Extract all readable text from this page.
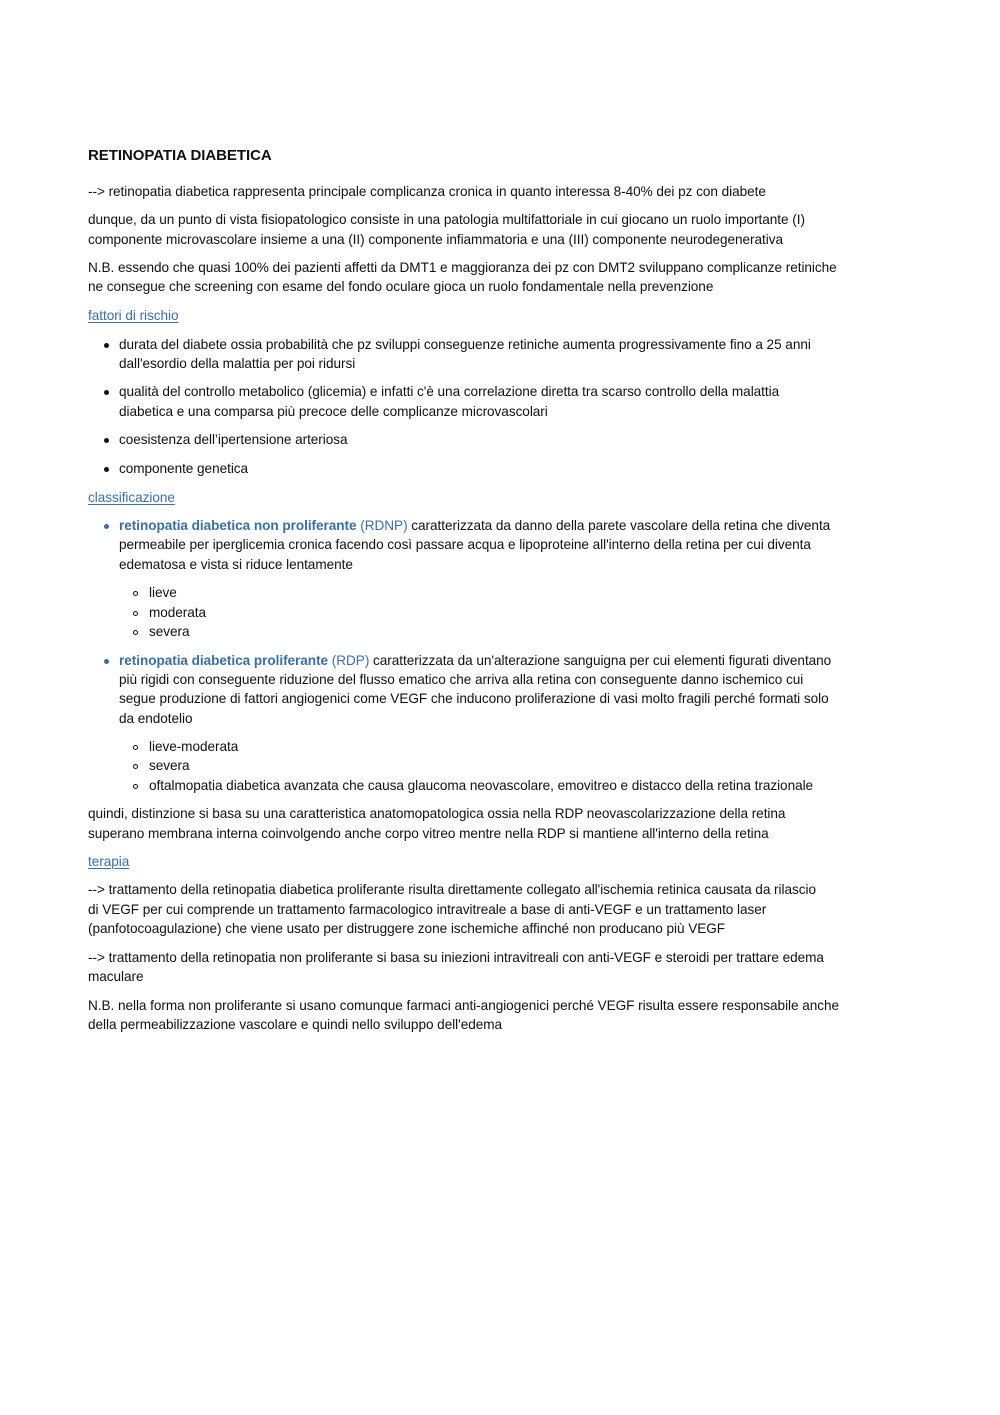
RETINOPATIA DIABETICA
--> retinopatia diabetica rappresenta principale complicanza cronica in quanto interessa 8-40% dei pz con diabete
dunque, da un punto di vista fisiopatologico consiste in una patologia multifattoriale in cui giocano un ruolo importante (I)
componente microvascolare insieme a una (II) componente infiammatoria e una (III) componente neurodegenerativa
N.B. essendo che quasi 100% dei pazienti affetti da DMT1 e maggioranza dei pz con DMT2 sviluppano complicanze retiniche
ne consegue che screening con esame del fondo oculare gioca un ruolo fondamentale nella prevenzione
fattori di rischio
durata del diabete ossia probabilità che pz sviluppi conseguenze retiniche aumenta progressivamente fino a 25 anni
dall'esordio della malattia per poi ridursi
qualità del controllo metabolico (glicemia) e infatti c'è una correlazione diretta tra scarso controllo della malattia
diabetica e una comparsa più precoce delle complicanze microvascolari
coesistenza dell’ipertensione arteriosa
componente genetica
classificazione
retinopatia diabetica non proliferante (RDNP) caratterizzata da danno della parete vascolare della retina che diventa
permeabile per iperglicemia cronica facendo così passare acqua e lipoproteine all'interno della retina per cui diventa
edematosa e vista si riduce lentamente
lieve
moderata
severa
retinopatia diabetica proliferante (RDP) caratterizzata da un'alterazione sanguigna per cui elementi figurati diventano
più rigidi con conseguente riduzione del flusso ematico che arriva alla retina con conseguente danno ischemico cui
segue produzione di fattori angiogenici come VEGF che inducono proliferazione di vasi molto fragili perché formati solo
da endotelio
lieve-moderata
severa
oftalmopatia diabetica avanzata che causa glaucoma neovascolare, emovitreo e distacco della retina trazionale
quindi, distinzione si basa su una caratteristica anatomopatologica ossia nella RDP neovascolarizzazione della retina
superano membrana interna coinvolgendo anche corpo vitreo mentre nella RDP si mantiene all'interno della retina
terapia
--> trattamento della retinopatia diabetica proliferante risulta direttamente collegato all'ischemia retinica causata da rilascio
di VEGF per cui comprende un trattamento farmacologico intravitreale a base di anti-VEGF e un trattamento laser
(panfotocoagulazione) che viene usato per distruggere zone ischemiche affinché non producano più VEGF
--> trattamento della retinopatia non proliferante si basa su iniezioni intravitreali con anti-VEGF e steroidi per trattare edema
maculare
N.B. nella forma non proliferante si usano comunque farmaci anti-angiogenici perché VEGF risulta essere responsabile anche
della permeabilizzazione vascolare e quindi nello sviluppo dell'edema
